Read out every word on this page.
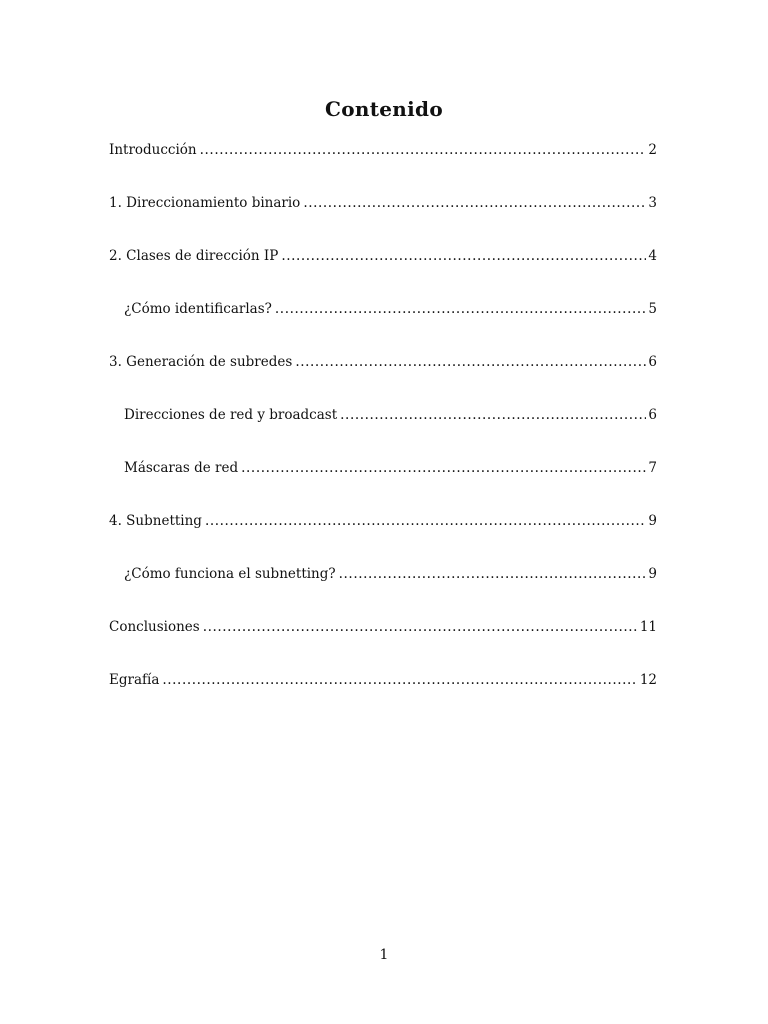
Contenido
Introducción .....	2
1. Direccionamiento binario .....	3
2. Clases de dirección IP .....	4
¿Cómo identificarlas? .....	5
3. Generación de subredes .....	6
Direcciones de red y broadcast .....	6
Máscaras de red .....	7
4. Subnetting .....	9
¿Cómo funciona el subnetting? .....	9
Conclusiones .....	11
Egrafía .....	12
1
